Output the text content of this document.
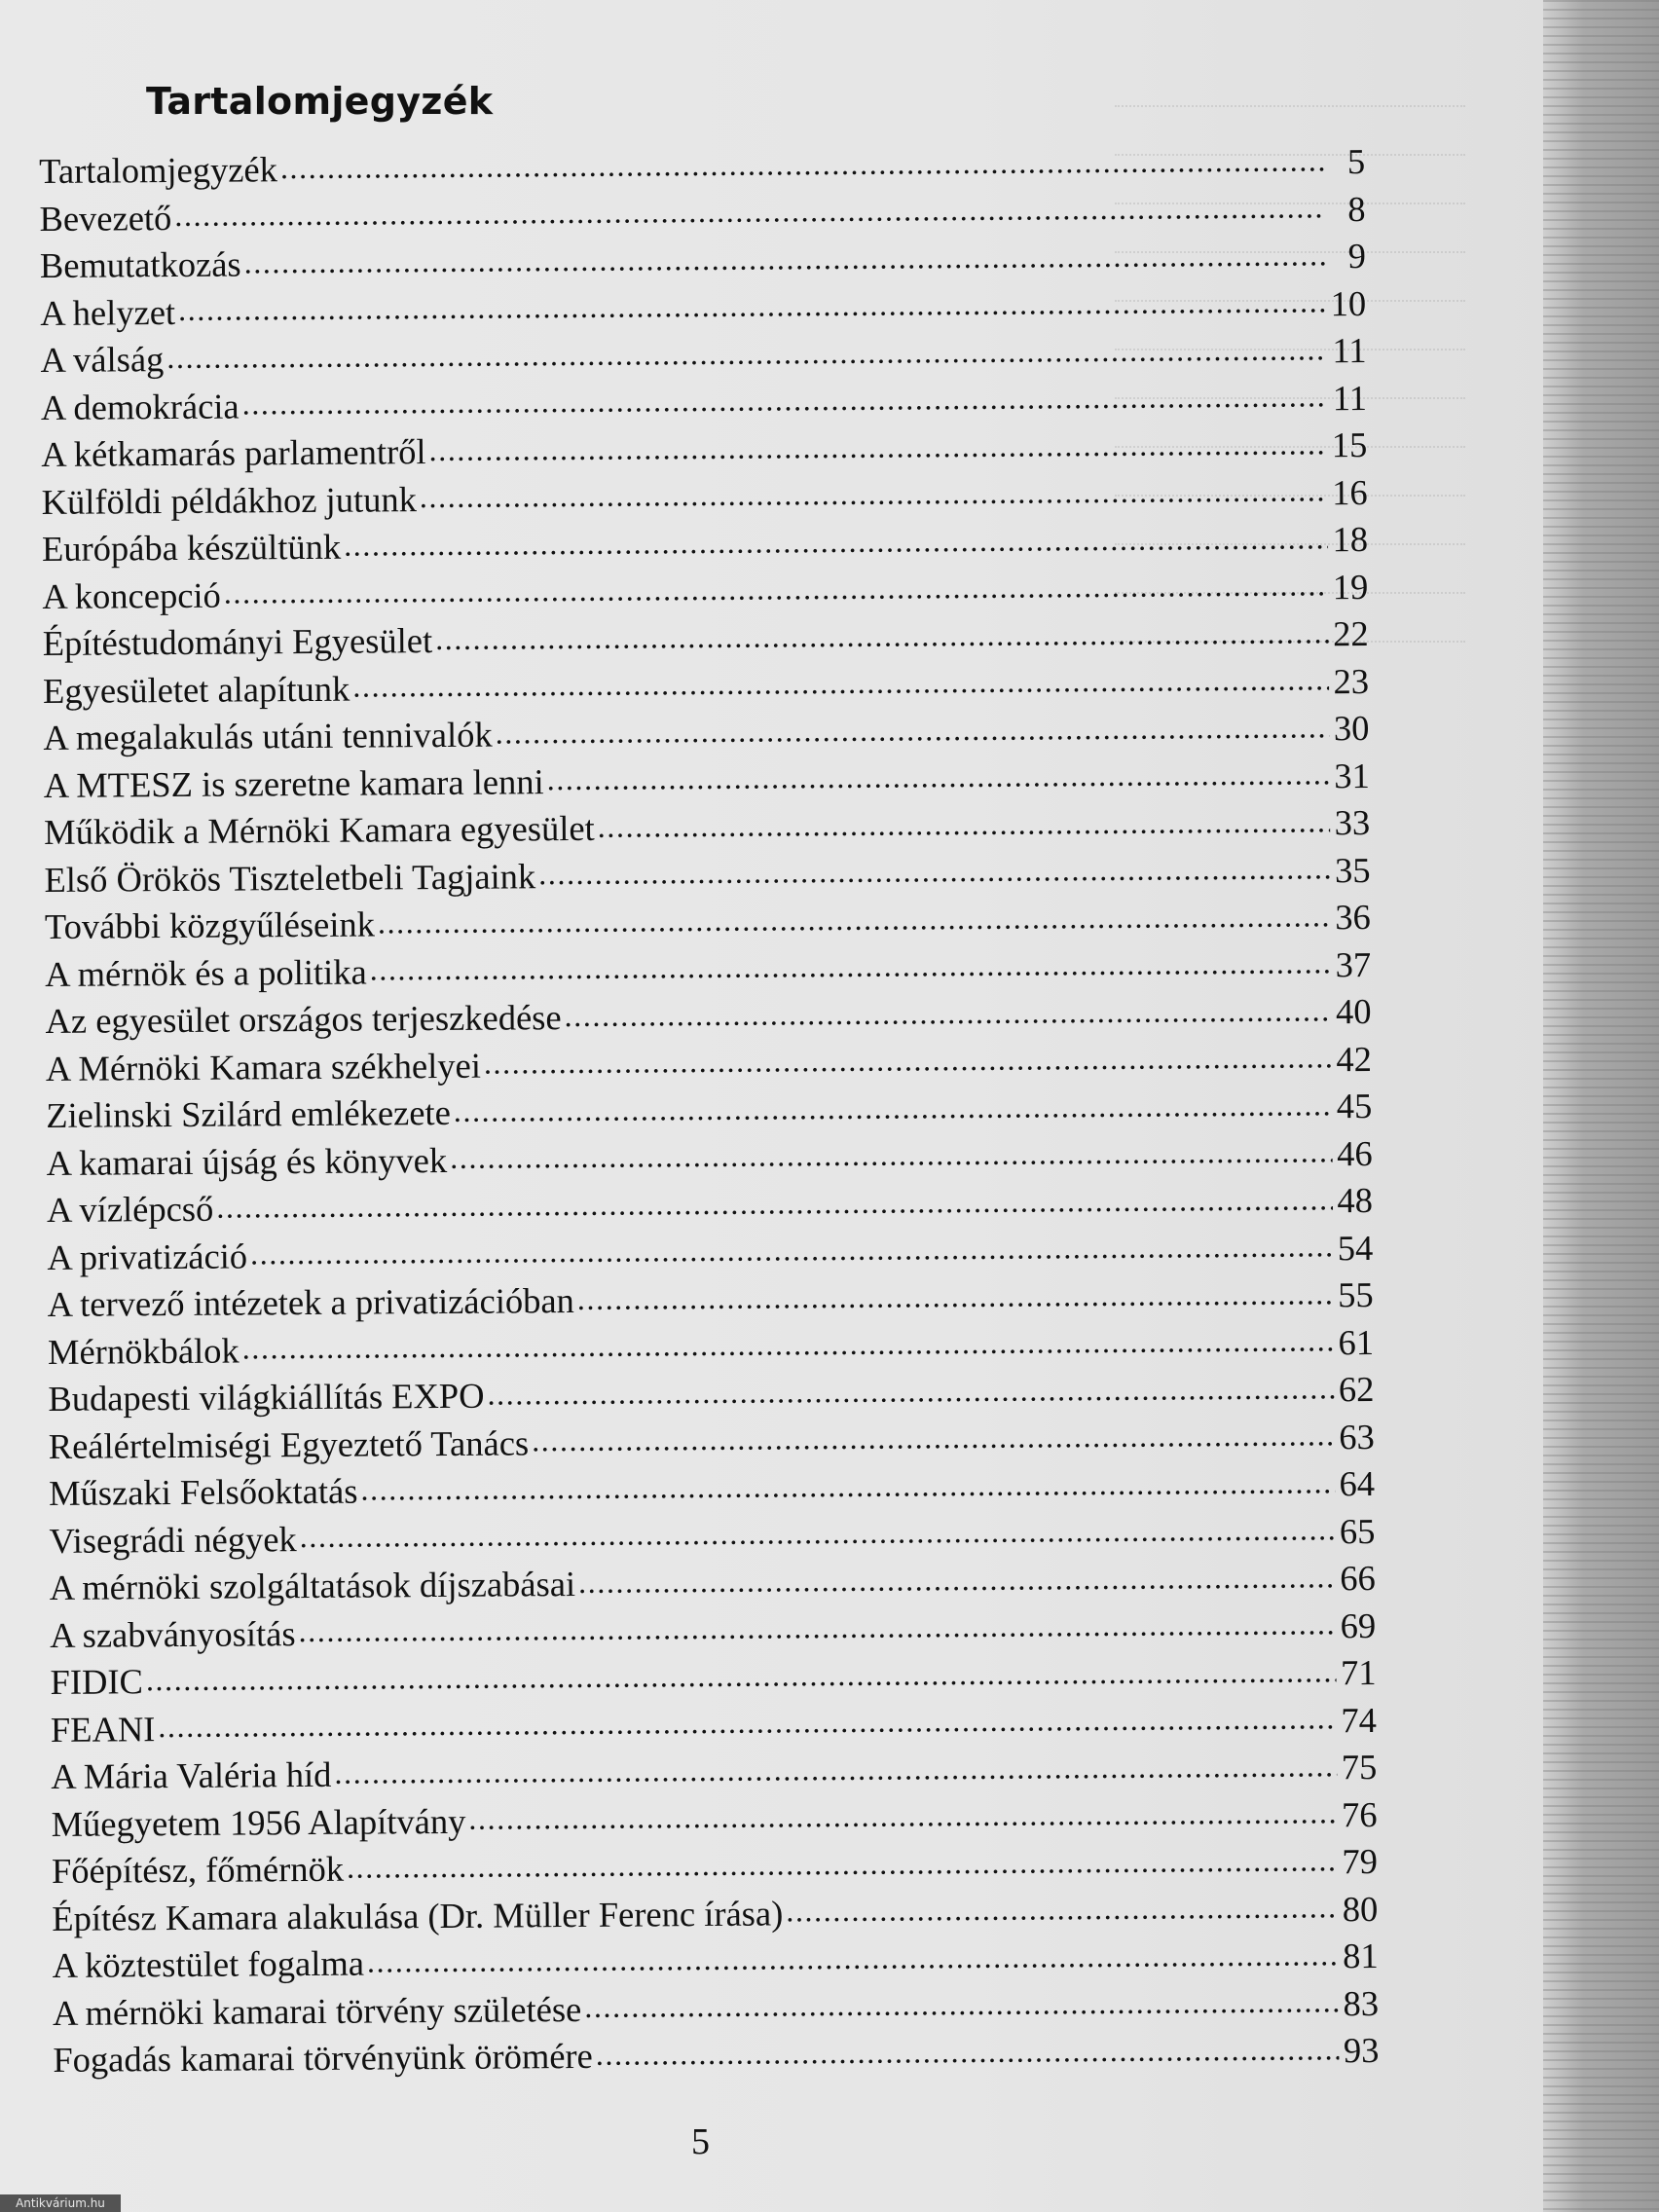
Tartalomjegyzék
Tartalomjegyzék .....	5
Bevezető .....	8
Bemutatkozás .....	9
A helyzet .....	10
A válság .....	11
A demokrácia .....	11
A kétkamarás parlamentről .....	15
Külföldi példákhoz jutunk .....	16
Európába készültünk .....	18
A koncepció .....	19
Építéstudományi Egyesület .....	22
Egyesületet alapítunk .....	23
A megalakulás utáni tennivalók .....	30
A MTESZ is szeretne kamara lenni .....	31
Működik a Mérnöki Kamara egyesület .....	33
Első Örökös Tiszteletbeli Tagjaink .....	35
További közgyűléseink .....	36
A mérnök és a politika .....	37
Az egyesület országos terjeszkedése .....	40
A Mérnöki Kamara székhelyei .....	42
Zielinski Szilárd emlékezete .....	45
A kamarai újság és könyvek .....	46
A vízlépcső .....	48
A privatizáció .....	54
A tervező intézetek a privatizációban .....	55
Mérnökbálok .....	61
Budapesti világkiállítás EXPO .....	62
Reálértelmiségi Egyeztető Tanács .....	63
Műszaki Felsőoktatás .....	64
Visegrádi négyek .....	65
A mérnöki szolgáltatások díjszabásai .....	66
A szabványosítás .....	69
FIDIC .....	71
FEANI .....	74
A Mária Valéria híd .....	75
Műegyetem 1956 Alapítvány .....	76
Főépítész, főmérnök .....	79
Építész Kamara alakulása (Dr. Müller Ferenc írása) .....	80
A köztestület fogalma .....	81
A mérnöki kamarai törvény születése .....	83
Fogadás kamarai törvényünk örömére .....	93
5
Antikvárium.hu
